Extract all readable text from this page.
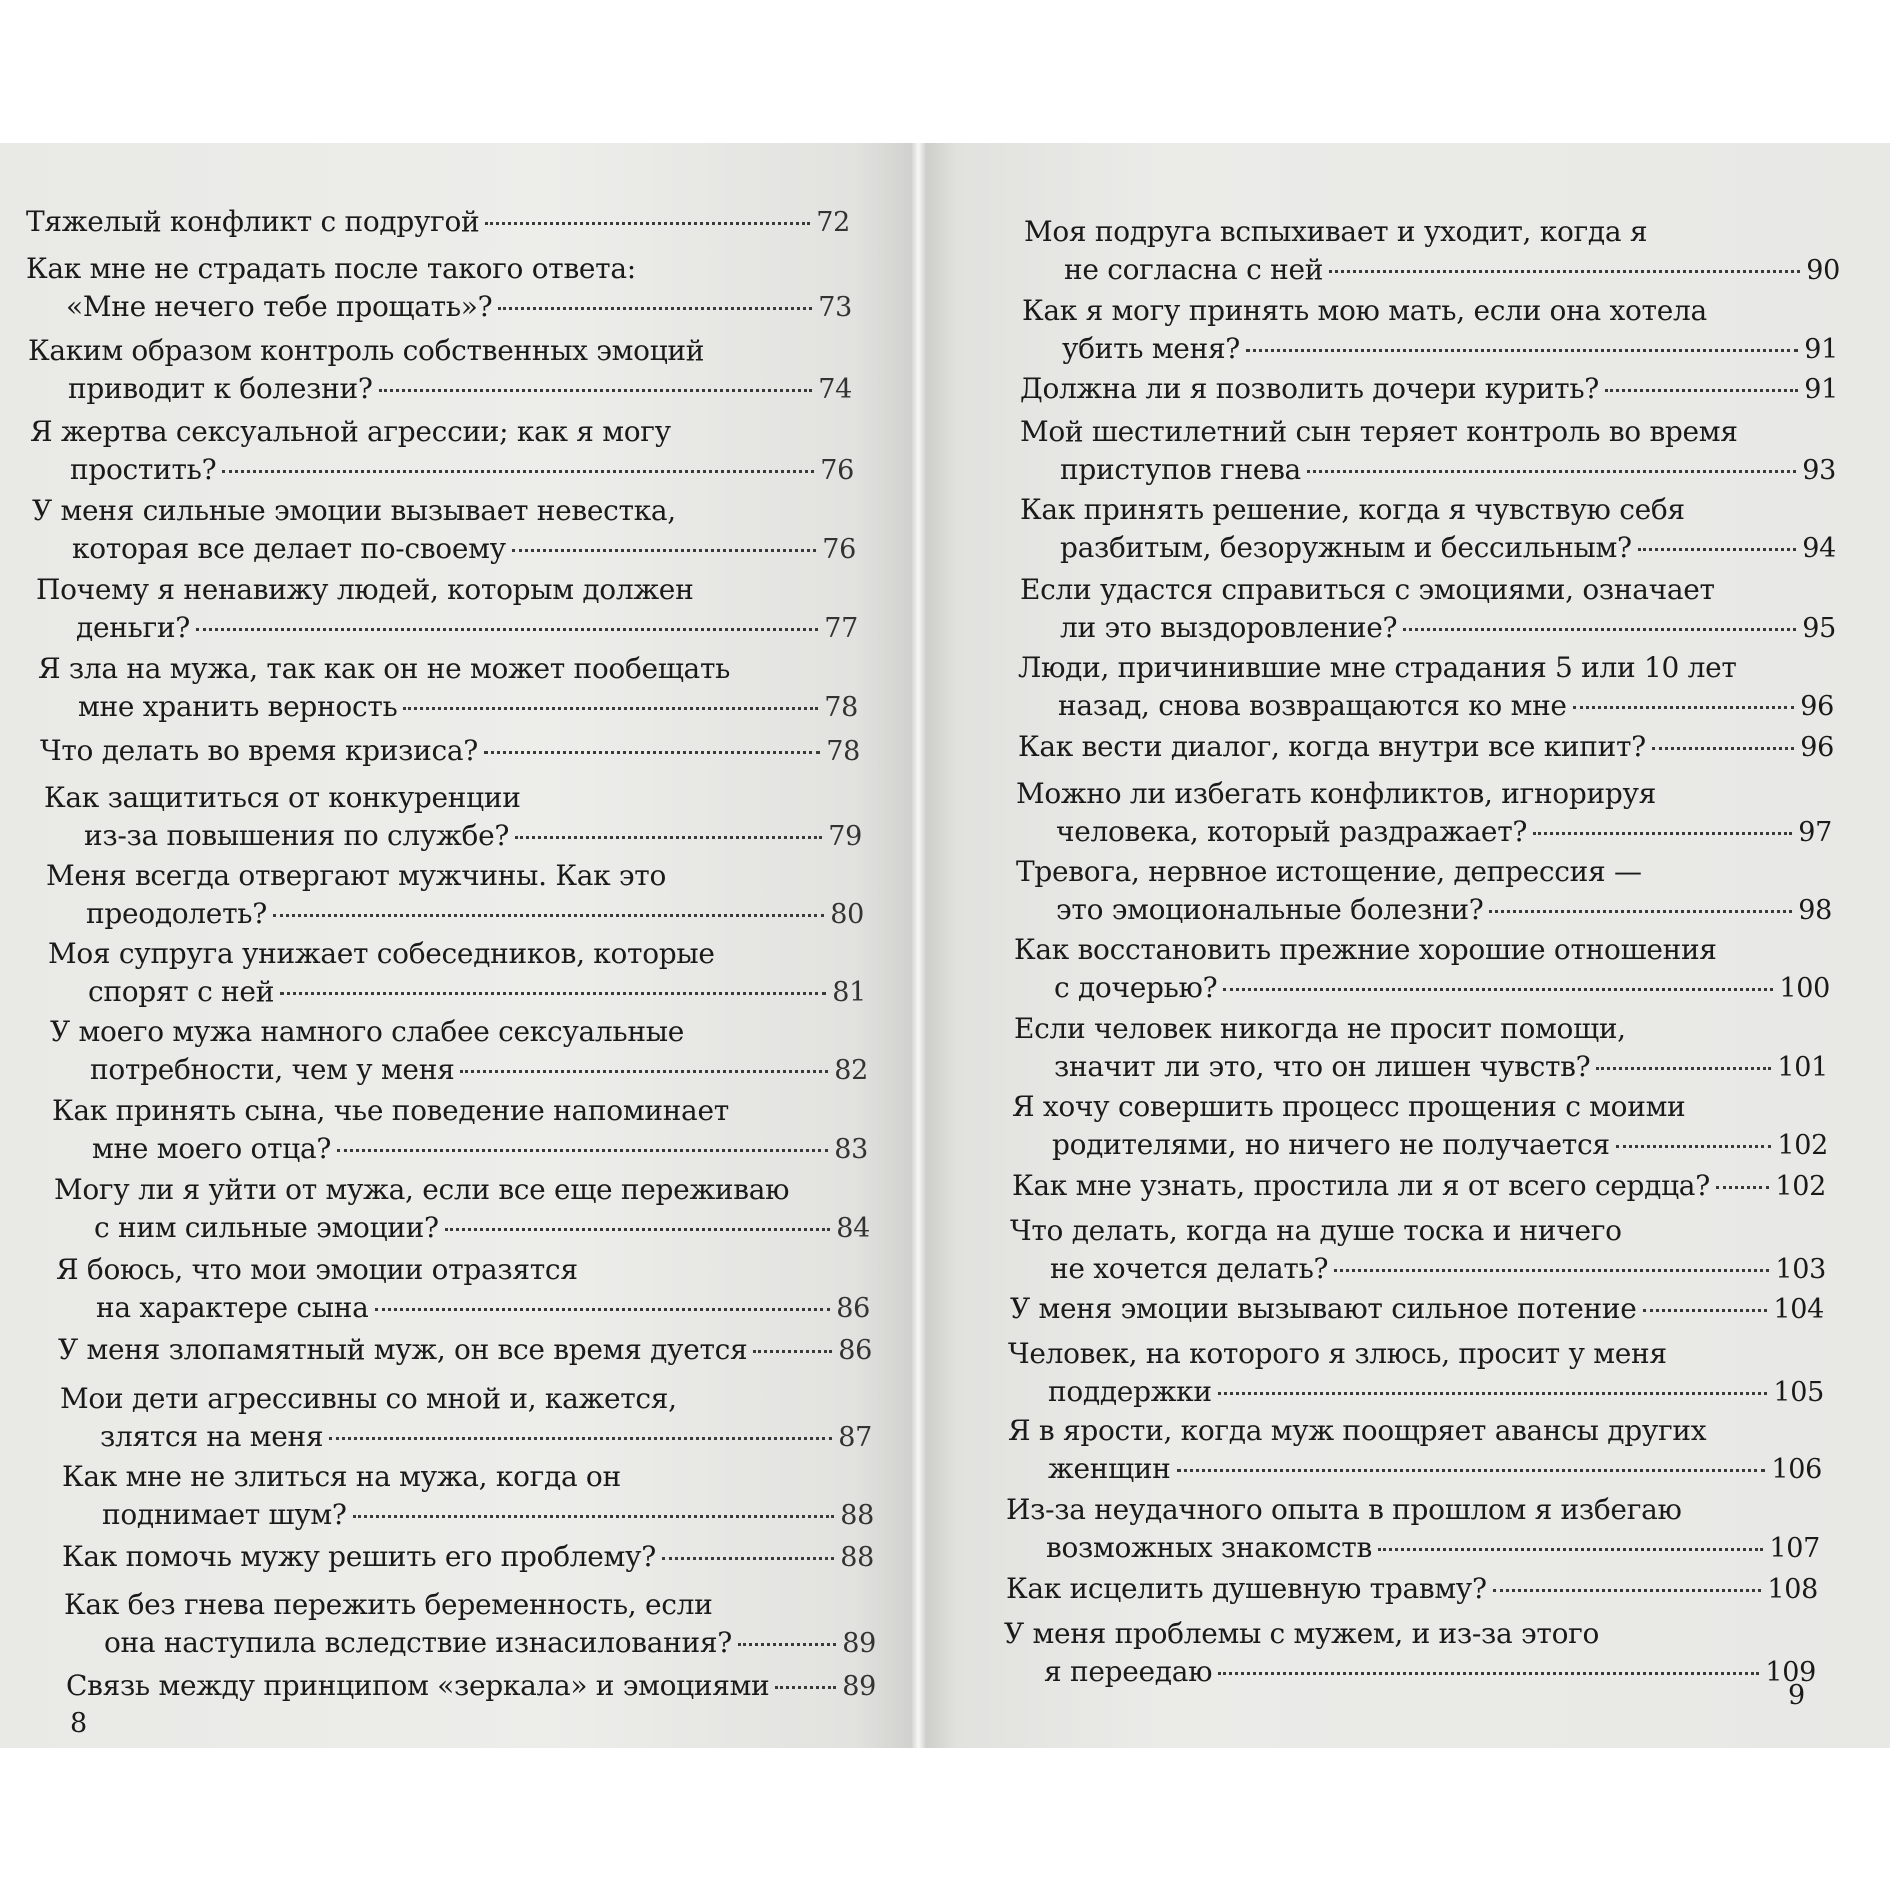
Тяжелый конфликт с подругой	72
Как мне не страдать после такого ответа:
«Мне нечего тебе прощать»?	73
Каким образом контроль собственных эмоций
приводит к болезни?	74
Я жертва сексуальной агрессии; как я могу
простить?	76
У меня сильные эмоции вызывает невестка,
которая все делает по-своему	76
Почему я ненавижу людей, которым должен
деньги?	77
Я зла на мужа, так как он не может пообещать
мне хранить верность	78
Что делать во время кризиса?	78
Как защититься от конкуренции
из-за повышения по службе?	79
Меня всегда отвергают мужчины. Как это
преодолеть?	80
Моя супруга унижает собеседников, которые
спорят с ней	81
У моего мужа намного слабее сексуальные
потребности, чем у меня	82
Как принять сына, чье поведение напоминает
мне моего отца?	83
Могу ли я уйти от мужа, если все еще переживаю
с ним сильные эмоции?	84
Я боюсь, что мои эмоции отразятся
на характере сына	86
У меня злопамятный муж, он все время дуется	86
Мои дети агрессивны со мной и, кажется,
злятся на меня	87
Как мне не злиться на мужа, когда он
поднимает шум?	88
Как помочь мужу решить его проблему?	88
Как без гнева пережить беременность, если
она наступила вследствие изнасилования?	89
Связь между принципом «зеркала» и эмоциями	89
8
Моя подруга вспыхивает и уходит, когда я
не согласна с ней	90
Как я могу принять мою мать, если она хотела
убить меня?	91
Должна ли я позволить дочери курить?	91
Мой шестилетний сын теряет контроль во время
приступов гнева	93
Как принять решение, когда я чувствую себя
разбитым, безоружным и бессильным?	94
Если удастся справиться с эмоциями, означает
ли это выздоровление?	95
Люди, причинившие мне страдания 5 или 10 лет
назад, снова возвращаются ко мне	96
Как вести диалог, когда внутри все кипит?	96
Можно ли избегать конфликтов, игнорируя
человека, который раздражает?	97
Тревога, нервное истощение, депрессия —
это эмоциональные болезни?	98
Как восстановить прежние хорошие отношения
с дочерью?	100
Если человек никогда не просит помощи,
значит ли это, что он лишен чувств?	101
Я хочу совершить процесс прощения с моими
родителями, но ничего не получается	102
Как мне узнать, простила ли я от всего сердца? 102
Что делать, когда на душе тоска и ничего
не хочется делать?	103
У меня эмоции вызывают сильное потение	104
Человек, на которого я злюсь, просит у меня
поддержки	105
Я в ярости, когда муж поощряет авансы других
женщин	106
Из-за неудачного опыта в прошлом я избегаю
возможных знакомств	107
Как исцелить душевную травму?	108
У меня проблемы с мужем, и из-за этого
я переедаю	109
9
